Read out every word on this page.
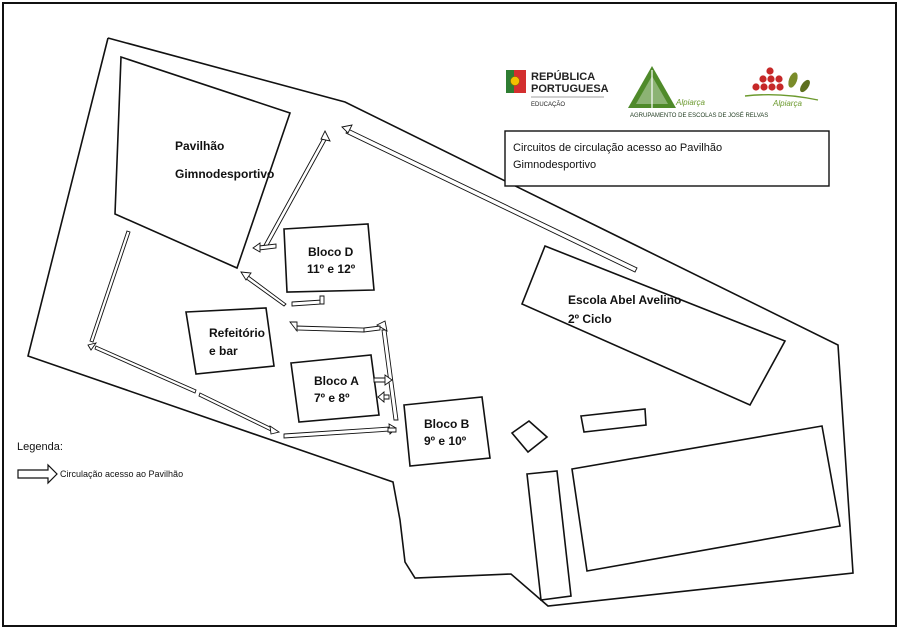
Pavilhão
Gimnodesportivo
Bloco D
11º e 12º
Refeitório
e bar
Bloco A
7º e 8º
Bloco B
9º e 10º
Escola Abel Avelino
2º Ciclo
Circuitos de circulação acesso ao Pavilhão
Gimnodesportivo
REPÚBLICA
PORTUGUESA
EDUCAÇÃO	Alpiarça
AGRUPAMENTO DE ESCOLAS DE JOSÉ RELVAS
Alpiarça
Legenda:
Circulação acesso ao Pavilhão
